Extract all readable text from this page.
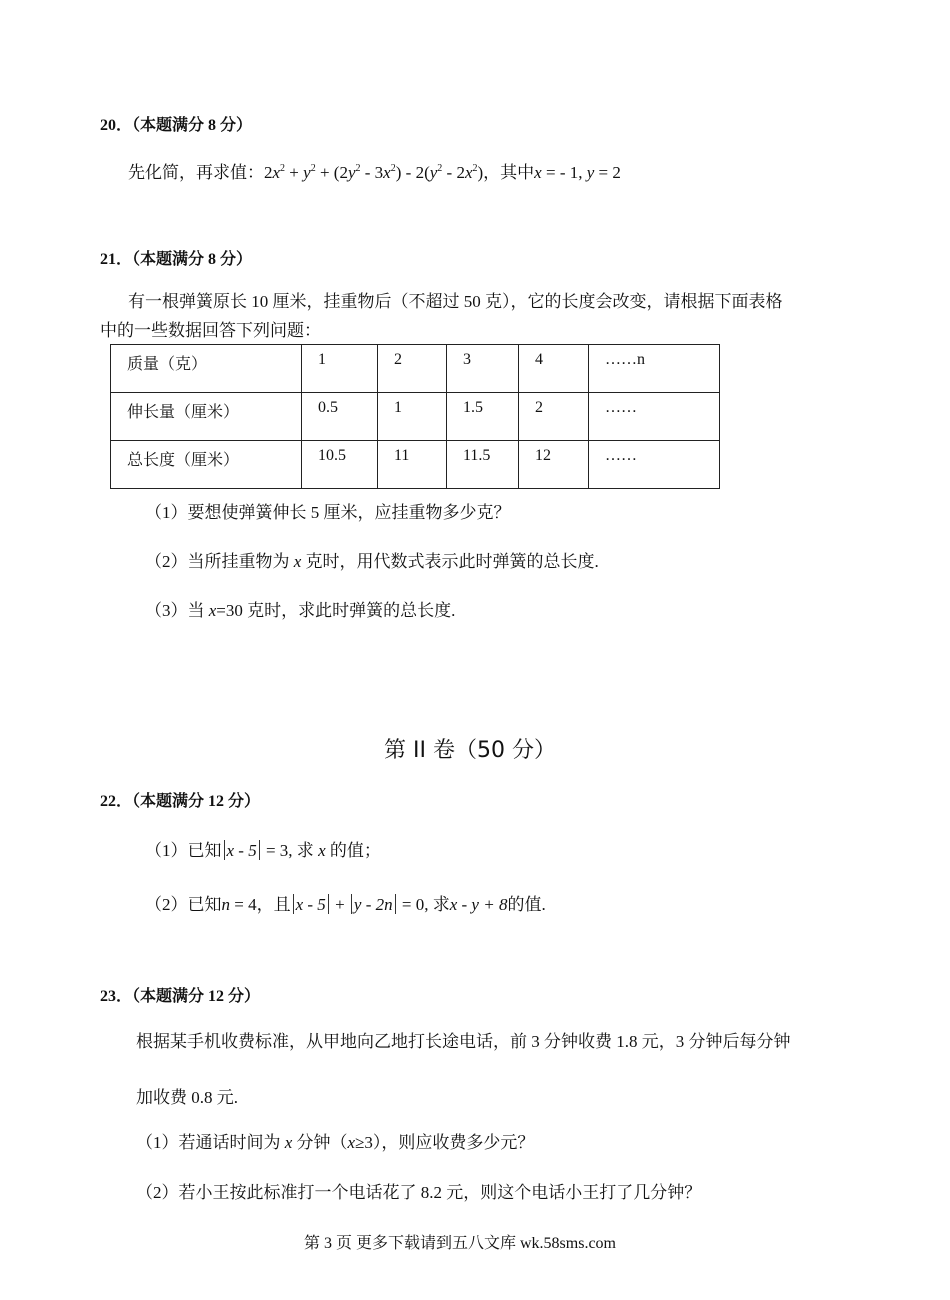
20．（本题满分 8 分）
先化简，再求值：$2x^2 + y^2 + (2y^2 - 3x^2) - 2(y^2 - 2x^2)$，其中x = - 1, y = 2
21．（本题满分 8 分）
有一根弹簧原长 10 厘米，挂重物后（不超过 50 克），它的长度会改变，请根据下面表格
中的一些数据回答下列问题：
质量（克）	1	2	3	4	……n
伸长量（厘米）	0.5	1	1.5	2	……
总长度（厘米）	10.5	11	11.5	12	……
（1）要想使弹簧伸长 5 厘米，应挂重物多少克？
（2）当所挂重物为 x 克时，用代数式表示此时弹簧的总长度.
（3）当 x=30 克时，求此时弹簧的总长度.
第 II 卷（50 分）
22．（本题满分 12 分）
（1）已知 x - 5 = 3, 求 x 的值；
（2）已知n = 4，且 x - 5 + y - 2n = 0, 求x - y + 8的值.
23．（本题满分 12 分）
根据某手机收费标准，从甲地向乙地打长途电话，前 3 分钟收费 1.8 元，3 分钟后每分钟
加收费 0.8 元.
（1）若通话时间为 x 分钟（x≥3），则应收费多少元？
（2）若小王按此标准打一个电话花了 8.2 元，则这个电话小王打了几分钟？
第 3 页 更多下载请到五八文库 wk.58sms.com
